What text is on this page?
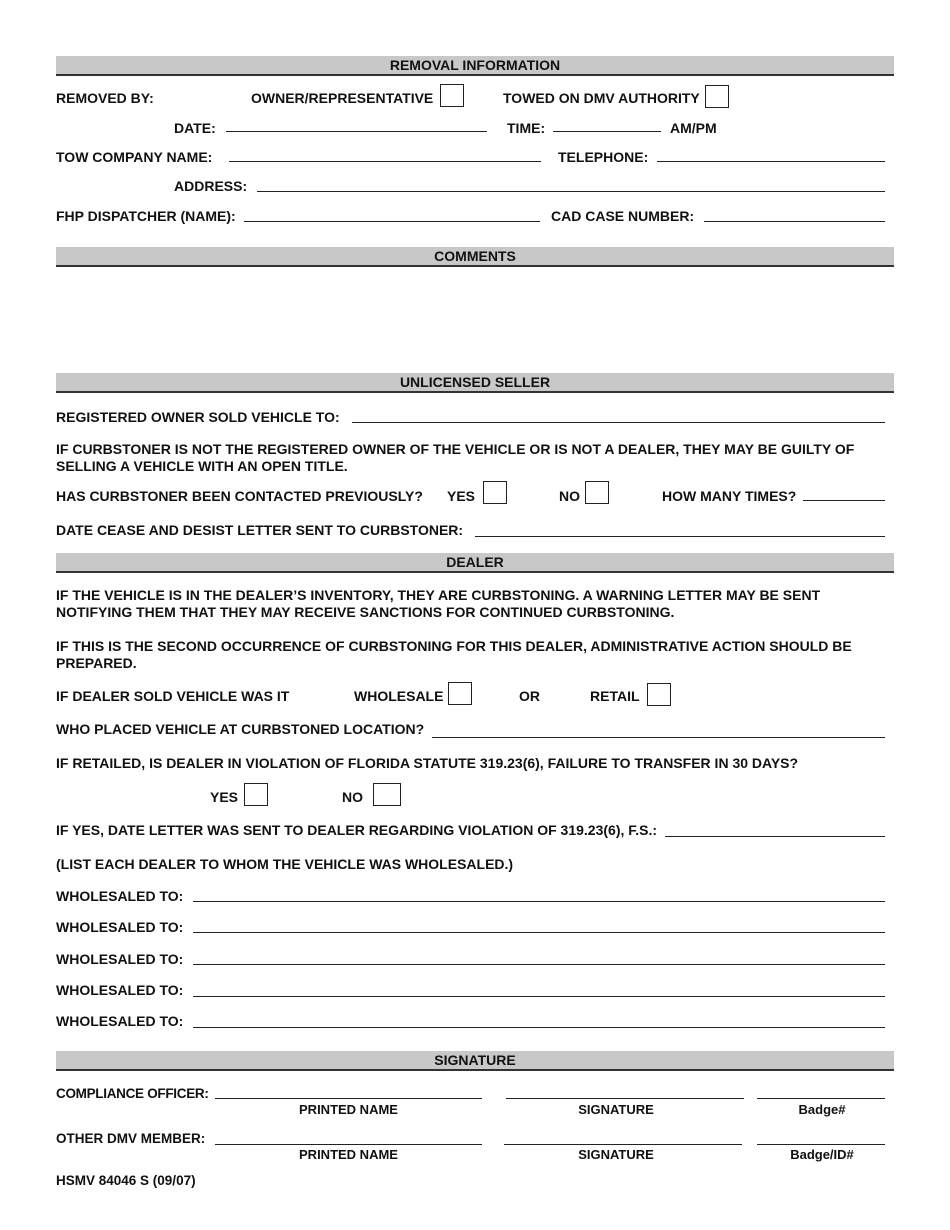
REMOVAL INFORMATION
REMOVED BY:	OWNER/REPRESENTATIVE	TOWED ON DMV AUTHORITY
DATE:	TIME:	AM/PM
TOW COMPANY NAME:	TELEPHONE:
ADDRESS:
FHP DISPATCHER (NAME):	CAD CASE NUMBER:
COMMENTS
UNLICENSED SELLER
REGISTERED OWNER SOLD VEHICLE TO:
IF CURBSTONER IS NOT THE REGISTERED OWNER OF THE VEHICLE OR IS NOT A DEALER, THEY MAY BE GUILTY OF SELLING A VEHICLE WITH AN OPEN TITLE.
HAS CURBSTONER BEEN CONTACTED PREVIOUSLY? YES	NO	HOW MANY TIMES?
DATE CEASE AND DESIST LETTER SENT TO CURBSTONER:
DEALER
IF THE VEHICLE IS IN THE DEALER’S INVENTORY, THEY ARE CURBSTONING. A WARNING LETTER MAY BE SENT NOTIFYING THEM THAT THEY MAY RECEIVE SANCTIONS FOR CONTINUED CURBSTONING.
IF THIS IS THE SECOND OCCURRENCE OF CURBSTONING FOR THIS DEALER, ADMINISTRATIVE ACTION SHOULD BE PREPARED.
IF DEALER SOLD VEHICLE WAS IT	WHOLESALE	OR	RETAIL
WHO PLACED VEHICLE AT CURBSTONED LOCATION?
IF RETAILED, IS DEALER IN VIOLATION OF FLORIDA STATUTE 319.23(6), FAILURE TO TRANSFER IN 30 DAYS?
YES	NO
IF YES, DATE LETTER WAS SENT TO DEALER REGARDING VIOLATION OF 319.23(6), F.S.:
(LIST EACH DEALER TO WHOM THE VEHICLE WAS WHOLESALED.)
WHOLESALED TO:
WHOLESALED TO:
WHOLESALED TO:
WHOLESALED TO:
WHOLESALED TO:
SIGNATURE
COMPLIANCE OFFICER:
PRINTED NAME	SIGNATURE	Badge#
OTHER DMV MEMBER:
PRINTED NAME	SIGNATURE	Badge/ID#
HSMV 84046 S (09/07)
